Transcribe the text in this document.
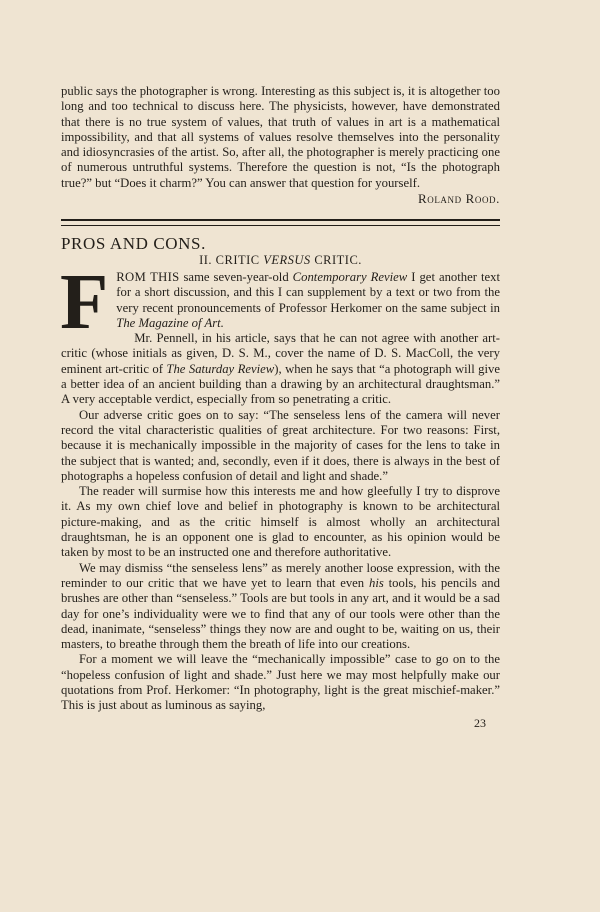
public says the photographer is wrong. Interesting as this subject is, it is altogether too long and too technical to discuss here. The physicists, however, have demonstrated that there is no true system of values, that truth of values in art is a mathematical impossibility, and that all systems of values resolve themselves into the personality and idiosyncrasies of the artist. So, after all, the photographer is merely practicing one of numerous untruthful systems. Therefore the question is not, “Is the photograph true?” but “Does it charm?” You can answer that question for yourself.

Roland Rood.

PROS AND CONS.
II. CRITIC VERSUS CRITIC.

FROM THIS same seven-year-old Contemporary Review I get another text for a short discussion, and this I can supplement by a text or two from the very recent pronouncements of Professor Herkomer on the same subject in The Magazine of Art.

Mr. Pennell, in his article, says that he can not agree with another art-critic (whose initials as given, D. S. M., cover the name of D. S. MacColl, the very eminent art-critic of The Saturday Review), when he says that “a photograph will give a better idea of an ancient building than a drawing by an architectural draughtsman.” A very acceptable verdict, especially from so penetrating a critic.

Our adverse critic goes on to say: “The senseless lens of the camera will never record the vital characteristic qualities of great architecture. For two reasons: First, because it is mechanically impossible in the majority of cases for the lens to take in the subject that is wanted; and, secondly, even if it does, there is always in the best of photographs a hopeless confusion of detail and light and shade.”

The reader will surmise how this interests me and how gleefully I try to disprove it. As my own chief love and belief in photography is known to be architectural picture-making, and as the critic himself is almost wholly an architectural draughtsman, he is an opponent one is glad to encounter, as his opinion would be taken by most to be an instructed one and therefore authoritative.

We may dismiss “the senseless lens” as merely another loose expression, with the reminder to our critic that we have yet to learn that even his tools, his pencils and brushes are other than “senseless.” Tools are but tools in any art, and it would be a sad day for one’s individuality were we to find that any of our tools were other than the dead, inanimate, “senseless” things they now are and ought to be, waiting on us, their masters, to breathe through them the breath of life into our creations.

For a moment we will leave the “mechanically impossible” case to go on to the “hopeless confusion of light and shade.” Just here we may most helpfully make our quotations from Prof. Herkomer: “In photography, light is the great mischief-maker.” This is just about as luminous as saying,

23
